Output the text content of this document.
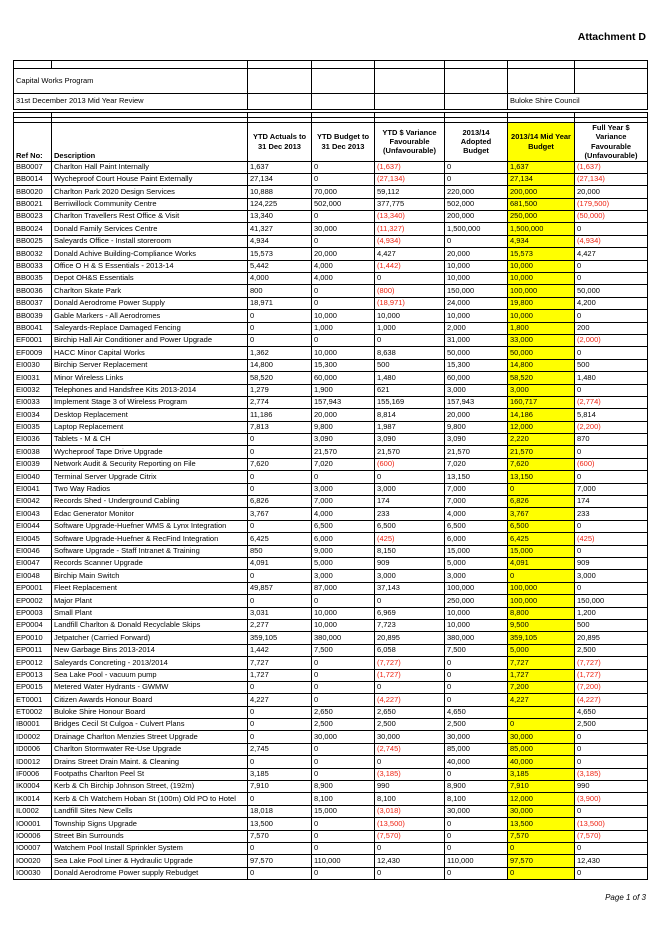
Attachment D

Capital Works Program							
31st December 2013 Mid Year Review						Buloke Shire Council	

Ref No:	Description	YTD Actuals to 31 Dec 2013	YTD Budget to 31 Dec 2013	YTD $ Variance Favourable (Unfavourable)	2013/14 Adopted Budget	2013/14 Mid Year Budget	Full Year $ Variance Favourable (Unfavourable)
BB0007	Charlton Hall Paint Internally	1,637	0	(1,637)	0	1,637	(1,637)
BB0014	Wycheproof Court House Paint Externally	27,134	0	(27,134)	0	27,134	(27,134)
BB0020	Charlton Park 2020 Design Services	10,888	70,000	59,112	220,000	200,000	20,000
BB0021	Berriwillock Community Centre	124,225	502,000	377,775	502,000	681,500	(179,500)
BB0023	Charlton Travellers Rest Office & Visit	13,340	0	(13,340)	200,000	250,000	(50,000)
BB0024	Donald Family Services Centre	41,327	30,000	(11,327)	1,500,000	1,500,000	0
BB0025	Saleyards Office - Install storeroom	4,934	0	(4,934)	0	4,934	(4,934)
BB0032	Donald Achive Building-Compliance Works	15,573	20,000	4,427	20,000	15,573	4,427
BB0033	Office O H & S Essentials - 2013-14	5,442	4,000	(1,442)	10,000	10,000	0
BB0035	Depot OH&S Essentials	4,000	4,000	0	10,000	10,000	0
BB0036	Charlton Skate Park	800	0	(800)	150,000	100,000	50,000
BB0037	Donald Aerodrome Power Supply	18,971	0	(18,971)	24,000	19,800	4,200
BB0039	Gable Markers - All Aerodromes	0	10,000	10,000	10,000	10,000	0
BB0041	Saleyards-Replace Damaged Fencing	0	1,000	1,000	2,000	1,800	200
EF0001	Birchip Hall Air Conditioner and Power Upgrade	0	0	0	31,000	33,000	(2,000)
EF0009	HACC Minor Capital Works	1,362	10,000	8,638	50,000	50,000	0
EI0030	Birchip Server Replacement	14,800	15,300	500	15,300	14,800	500
EI0031	Minor Wireless Links	58,520	60,000	1,480	60,000	58,520	1,480
EI0032	Telephones and Handsfree Kits 2013-2014	1,279	1,900	621	3,000	3,000	0
EI0033	Implement Stage 3 of Wireless Program	2,774	157,943	155,169	157,943	160,717	(2,774)
EI0034	Desktop Replacement	11,186	20,000	8,814	20,000	14,186	5,814
EI0035	Laptop Replacement	7,813	9,800	1,987	9,800	12,000	(2,200)
EI0036	Tablets - M & CH	0	3,090	3,090	3,090	2,220	870
EI0038	Wycheproof Tape Drive Upgrade	0	21,570	21,570	21,570	21,570	0
EI0039	Network Audit & Security Reporting on File	7,620	7,020	(600)	7,020	7,620	(600)
EI0040	Terminal Server Upgrade Citrix	0	0	0	13,150	13,150	0
EI0041	Two Way Radios	0	3,000	3,000	7,000	0	7,000
EI0042	Records Shed - Underground Cabling	6,826	7,000	174	7,000	6,826	174
EI0043	Edac Generator Monitor	3,767	4,000	233	4,000	3,767	233
EI0044	Software Upgrade-Huefner WMS & Lynx Integration	0	6,500	6,500	6,500	6,500	0
EI0045	Software Upgrade-Huefner & RecFind Integration	6,425	6,000	(425)	6,000	6,425	(425)
EI0046	Software Upgrade - Staff Intranet & Training	850	9,000	8,150	15,000	15,000	0
EI0047	Records Scanner Upgrade	4,091	5,000	909	5,000	4,091	909
EI0048	Birchip Main Switch	0	3,000	3,000	3,000	0	3,000
EP0001	Fleet Replacement	49,857	87,000	37,143	100,000	100,000	0
EP0002	Major Plant	0	0	0	250,000	100,000	150,000
EP0003	Small Plant	3,031	10,000	6,969	10,000	8,800	1,200
EP0004	Landfill Charlton & Donald Recyclable Skips	2,277	10,000	7,723	10,000	9,500	500
EP0010	Jetpatcher (Carried Forward)	359,105	380,000	20,895	380,000	359,105	20,895
EP0011	New Garbage Bins 2013-2014	1,442	7,500	6,058	7,500	5,000	2,500
EP0012	Saleyards Concreting - 2013/2014	7,727	0	(7,727)	0	7,727	(7,727)
EP0013	Sea Lake Pool - vacuum pump	1,727	0	(1,727)	0	1,727	(1,727)
EP0015	Metered Water Hydrants - GWMW	0	0	0	0	7,200	(7,200)
ET0001	Citizen Awards Honour Board	4,227	0	(4,227)	0	4,227	(4,227)
ET0002	Buloke Shire Honour Board	0	2,650	2,650	4,650		4,650
IB0001	Bridges Cecil St Culgoa - Culvert Plans	0	2,500	2,500	2,500	0	2,500
ID0002	Drainage Charlton Menzies Street Upgrade	0	30,000	30,000	30,000	30,000	0
ID0006	Charlton Stormwater Re-Use Upgrade	2,745	0	(2,745)	85,000	85,000	0
ID0012	Drains Street Drain Maint. & Cleaning	0	0	0	40,000	40,000	0
IF0006	Footpaths Charlton Peel St	3,185	0	(3,185)	0	3,185	(3,185)
IK0004	Kerb & Ch Birchip Johnson Street, (192m)	7,910	8,900	990	8,900	7,910	990
IK0014	Kerb & Ch Watchem Hoban St (100m) Old PO to Hotel	0	8,100	8,100	8,100	12,000	(3,900)
IL0002	Landfill Sites New Cells	18,018	15,000	(3,018)	30,000	30,000	0
IO0001	Township Signs Upgrade	13,500	0	(13,500)	0	13,500	(13,500)
IO0006	Street Bin Surrounds	7,570	0	(7,570)	0	7,570	(7,570)
IO0007	Watchem Pool Install Sprinkler System	0	0	0	0	0	0
IO0020	Sea Lake Pool Liner & Hydraulic Upgrade	97,570	110,000	12,430	110,000	97,570	12,430
IO0030	Donald Aerodrome Power supply Rebudget	0	0	0	0	0	0
Page 1 of 3
